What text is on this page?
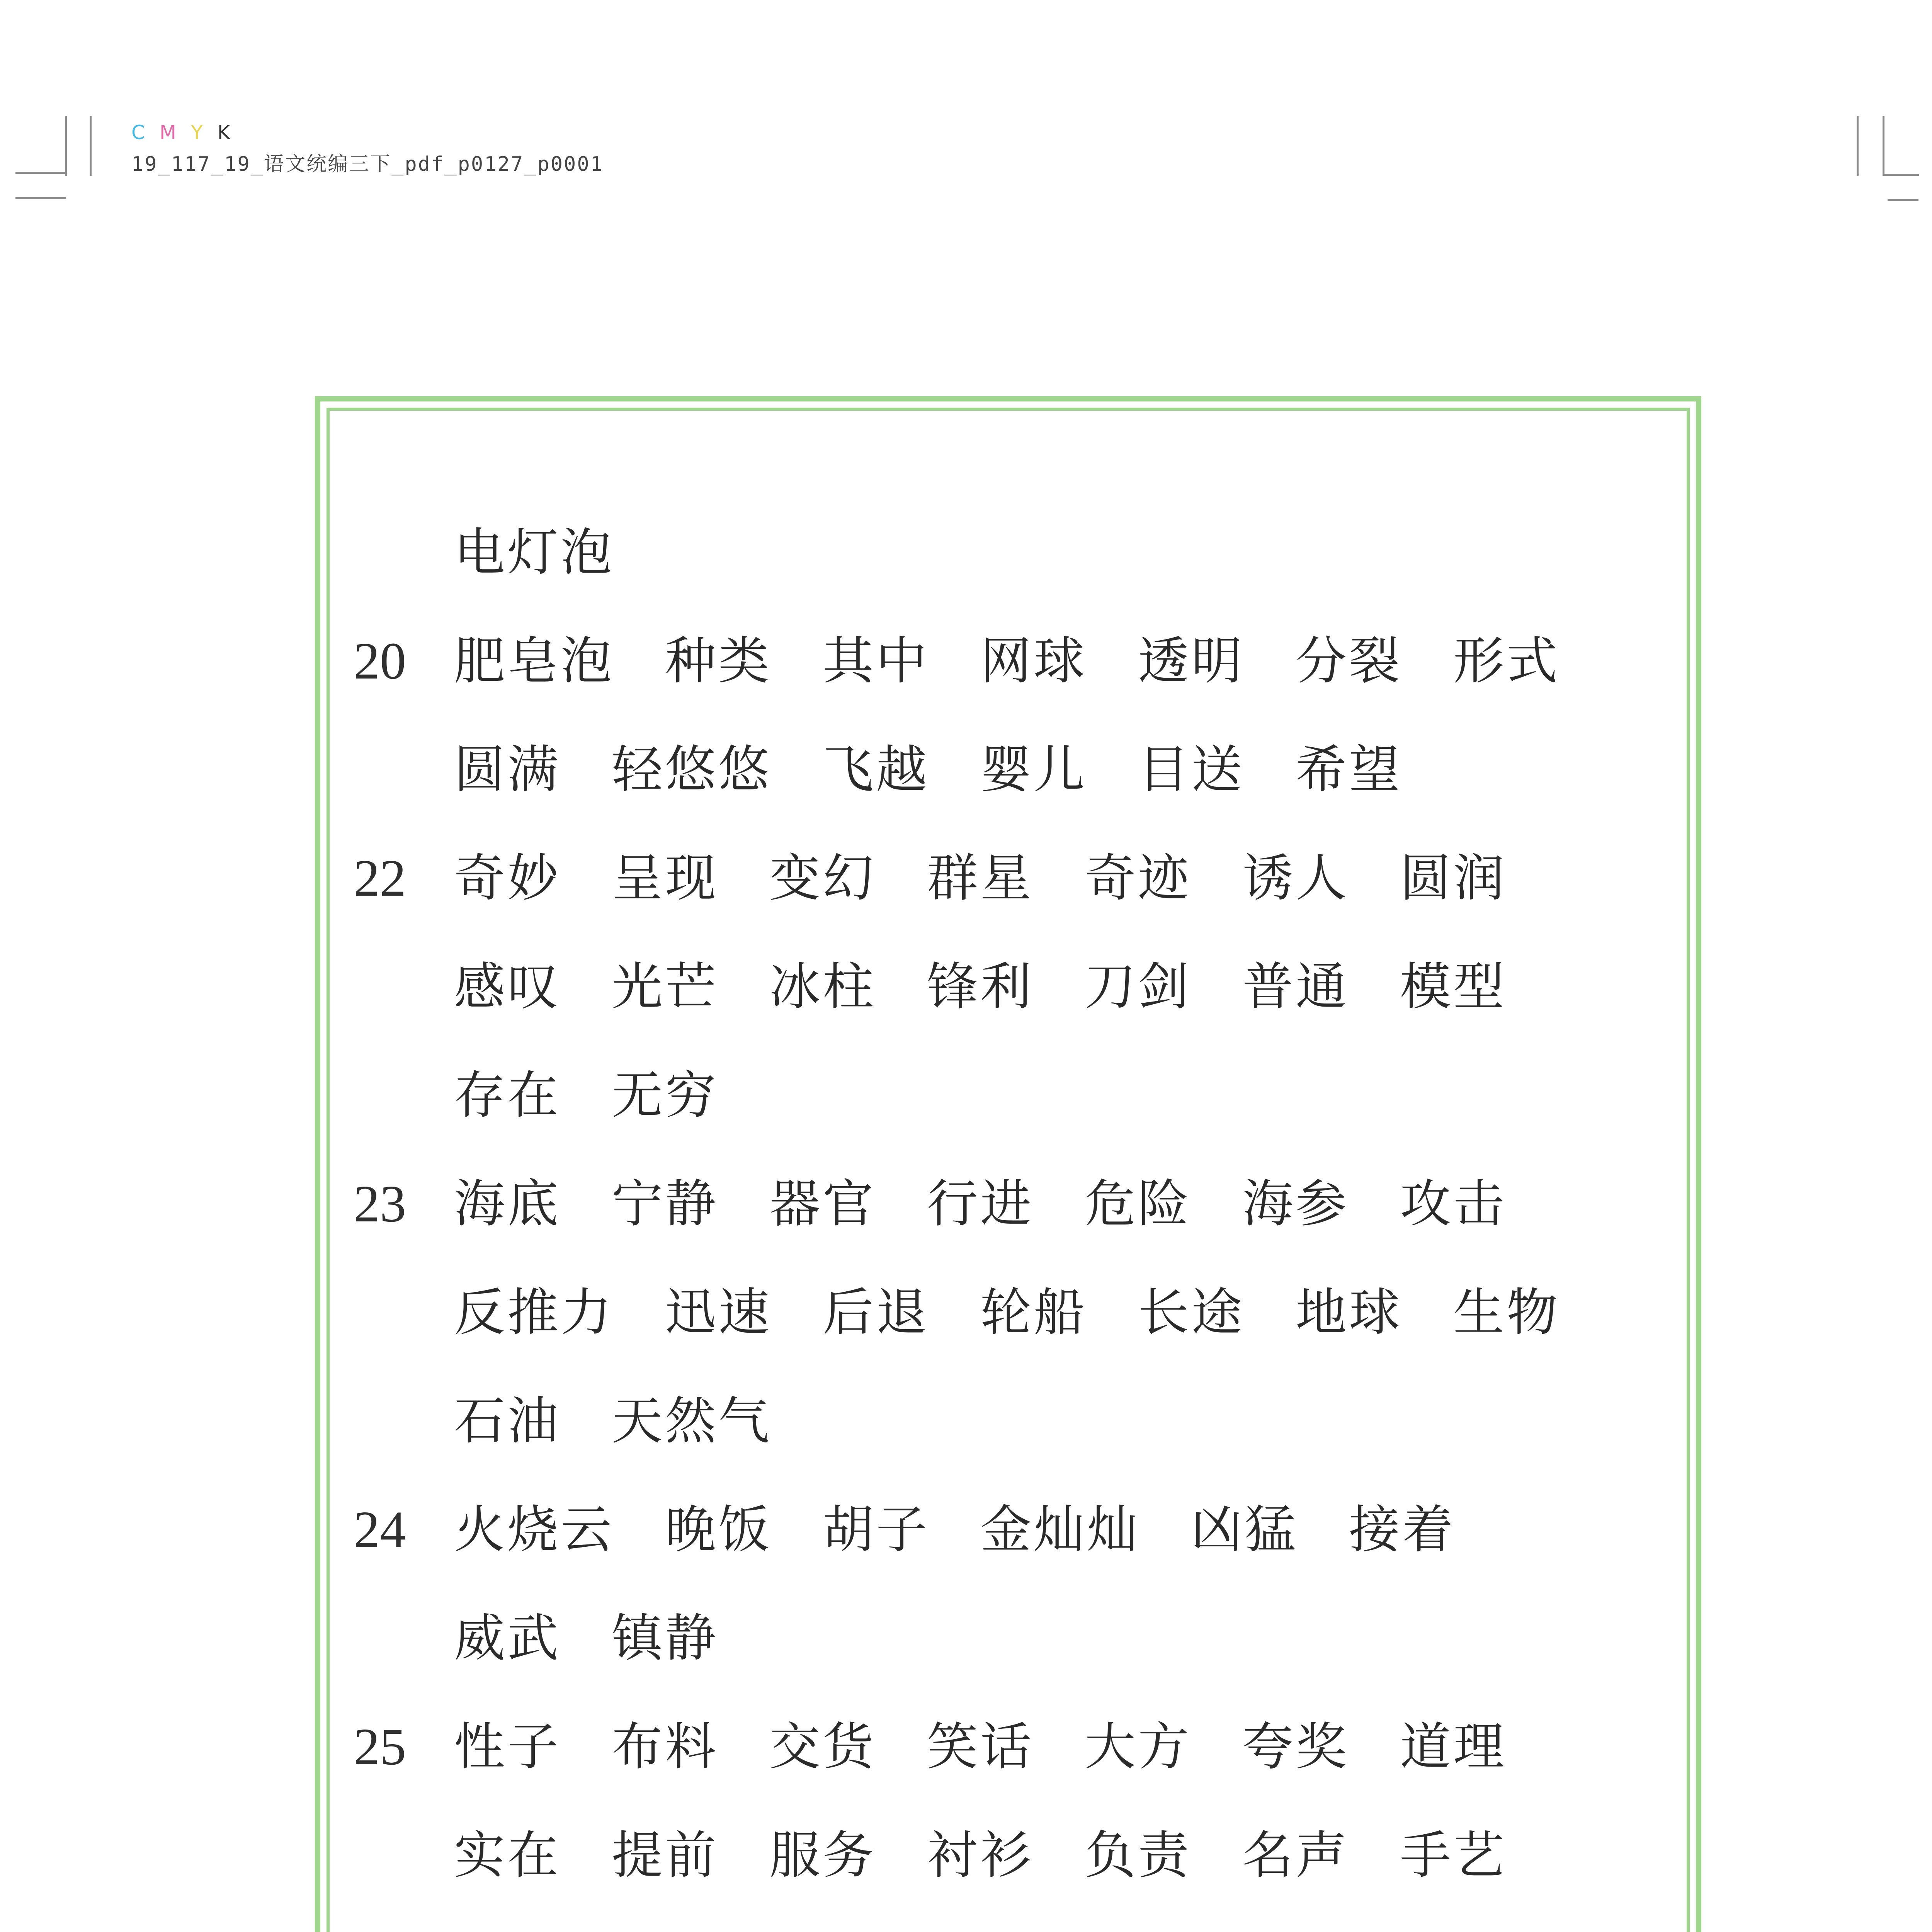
C M Y K
19_117_19_语文统编三下_pdf_p0127_p0001
电灯泡
20 肥皂泡 种类 其中 网球 透明 分裂 形式
圆满 轻悠悠 飞越 婴儿 目送 希望
22 奇妙 呈现 变幻 群星 奇迹 诱人 圆润
感叹 光芒 冰柱 锋利 刀剑 普通 模型
存在 无穷
23 海底 宁静 器官 行进 危险 海参 攻击
反推力 迅速 后退 轮船 长途 地球 生物
石油 天然气
24 火烧云 晚饭 胡子 金灿灿 凶猛 接着
威武 镇静
25 性子 布料 交货 笑话 大方 夸奖 道理
实在 提前 服务 衬衫 负责 名声 手艺
